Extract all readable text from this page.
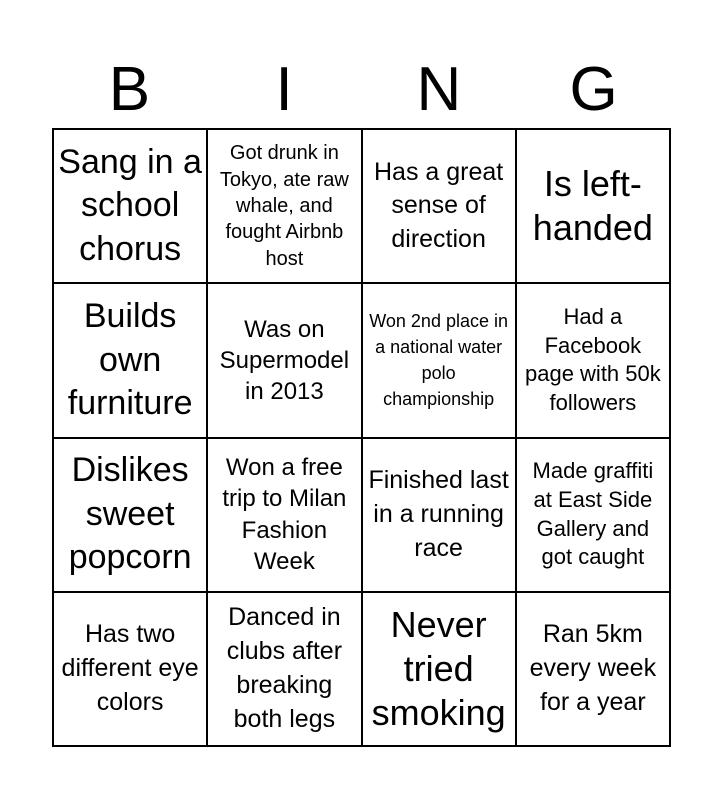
B	I	N	G
Sang in a school chorus
Got drunk in Tokyo, ate raw whale, and fought Airbnb host
Has a great sense of direction
Is left-handed
Builds own furniture
Was on Supermodel in 2013
Won 2nd place in a national water polo championship
Had a Facebook page with 50k followers
Dislikes sweet popcorn
Won a free trip to Milan Fashion Week
Finished last in a running race
Made graffiti at East Side Gallery and got caught
Has two different eye colors
Danced in clubs after breaking both legs
Never tried smoking
Ran 5km every week for a year
